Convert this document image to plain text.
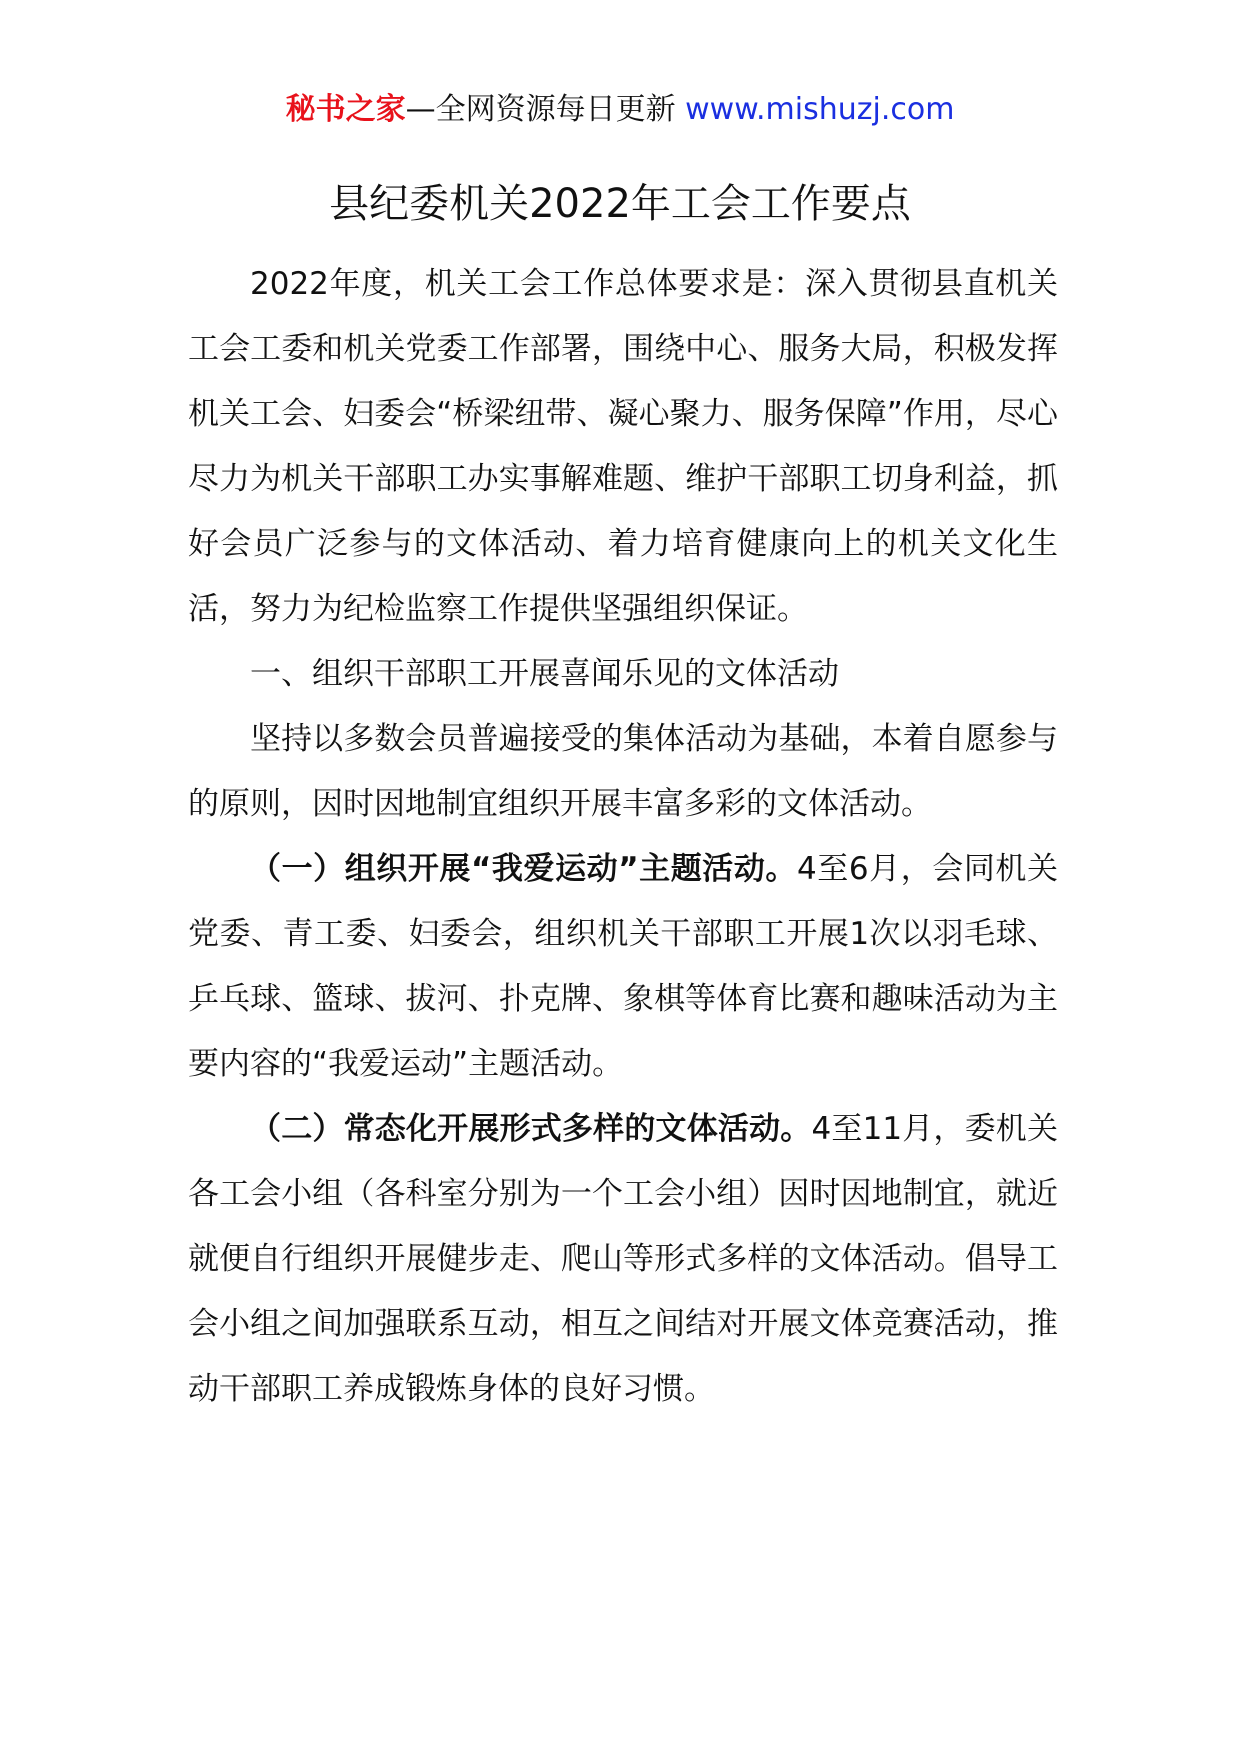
秘书之家—全网资源每日更新 www.mishuzj.com
县纪委机关2022年工会工作要点

2022年度，机关工会工作总体要求是：深入贯彻县直机关工会工委和机关党委工作部署，围绕中心、服务大局，积极发挥机关工会、妇委会“桥梁纽带、凝心聚力、服务保障”作用，尽心尽力为机关干部职工办实事解难题、维护干部职工切身利益，抓好会员广泛参与的文体活动、着力培育健康向上的机关文化生活，努力为纪检监察工作提供坚强组织保证。

一、组织干部职工开展喜闻乐见的文体活动

坚持以多数会员普遍接受的集体活动为基础，本着自愿参与的原则，因时因地制宜组织开展丰富多彩的文体活动。

（一）组织开展“我爱运动”主题活动。4至6月，会同机关党委、青工委、妇委会，组织机关干部职工开展1次以羽毛球、乒乓球、篮球、拔河、扑克牌、象棋等体育比赛和趣味活动为主要内容的“我爱运动”主题活动。

（二）常态化开展形式多样的文体活动。4至11月，委机关各工会小组（各科室分别为一个工会小组）因时因地制宜，就近就便自行组织开展健步走、爬山等形式多样的文体活动。倡导工会小组之间加强联系互动，相互之间结对开展文体竞赛活动，推动干部职工养成锻炼身体的良好习惯。
